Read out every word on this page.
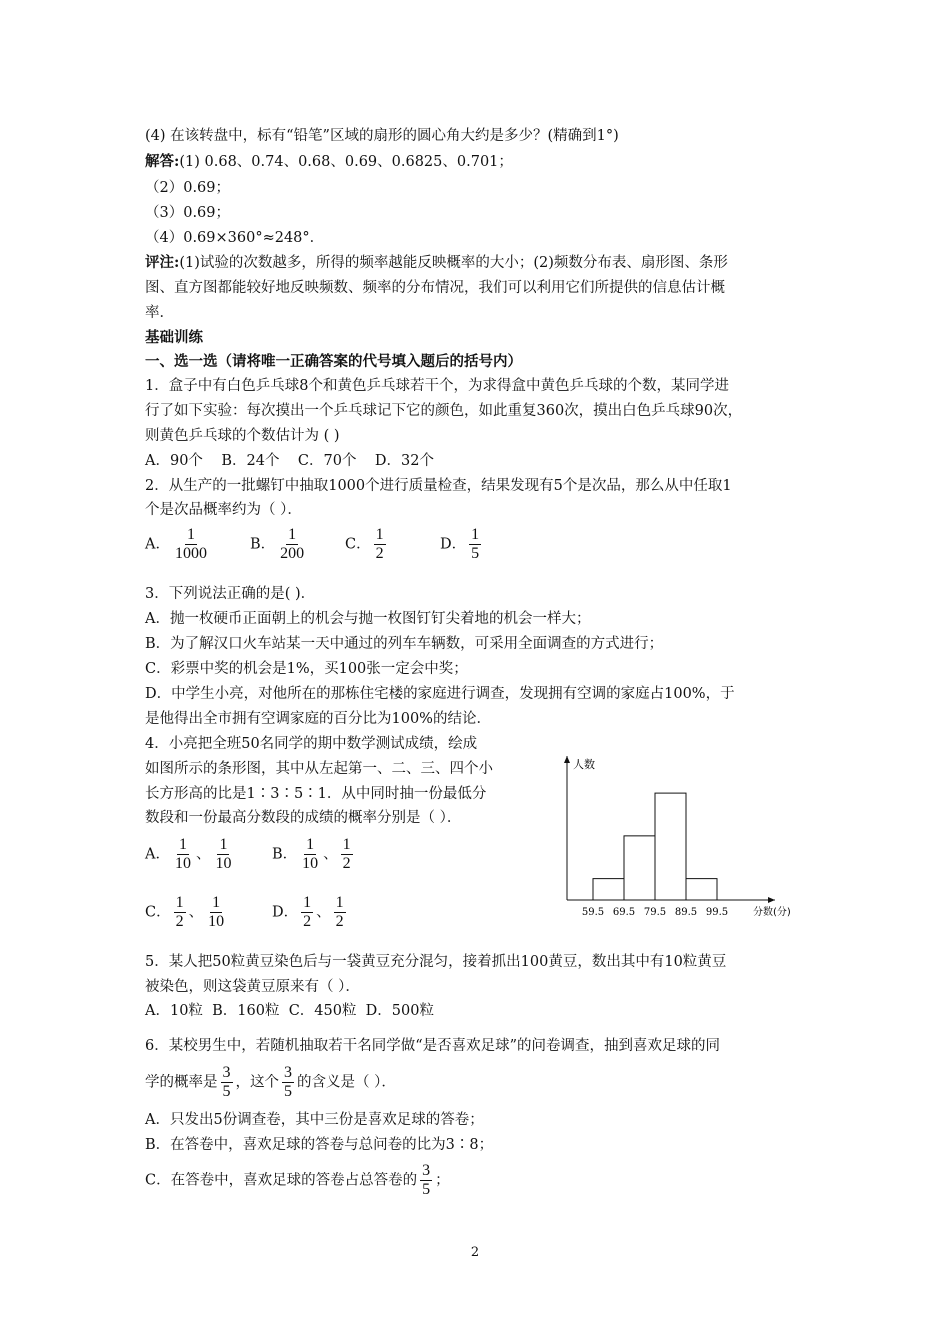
(4) 在该转盘中，标有“铅笔”区域的扇形的圆心角大约是多少？(精确到1°)
解答:(1) 0.68、0.74、0.68、0.69、0.6825、0.701；
（2）0.69；
（3）0.69；
（4）0.69×360°≈248°．
评注:(1)试验的次数越多，所得的频率越能反映概率的大小；(2)频数分布表、扇形图、条形
图、直方图都能较好地反映频数、频率的分布情况，我们可以利用它们所提供的信息估计概
率．
基础训练
一、选一选（请将唯一正确答案的代号填入题后的括号内）
1．盒子中有白色乒乓球8个和黄色乒乓球若干个，为求得盒中黄色乒乓球的个数，某同学进
行了如下实验：每次摸出一个乒乓球记下它的颜色，如此重复360次，摸出白色乒乓球90次，
则黄色乒乓球的个数估计为 ( )
A．90个    B．24个    C．70个    D．32个
2．从生产的一批螺钉中抽取1000个进行质量检查，结果发现有5个是次品，那么从中任取1
个是次品概率约为（ ）．
A． $\frac{1}{1000}$	B． $\frac{1}{200}$	C． $\frac{1}{2}$	D． $\frac{1}{5}$
3．下列说法正确的是( )．
A．抛一枚硬币正面朝上的机会与抛一枚图钉钉尖着地的机会一样大；
B．为了解汉口火车站某一天中通过的列车车辆数，可采用全面调查的方式进行；
C．彩票中奖的机会是1%，买100张一定会中奖；
D．中学生小亮，对他所在的那栋住宅楼的家庭进行调查，发现拥有空调的家庭占100%，于
是他得出全市拥有空调家庭的百分比为100%的结论．
4．小亮把全班50名同学的期中数学测试成绩，绘成
如图所示的条形图，其中从左起第一、二、三、四个小
长方形高的比是1∶3∶5∶1．从中同时抽一份最低分
数段和一份最高分数段的成绩的概率分别是（ ）．
A． $\frac{1}{10}$ 、 $\frac{1}{10}$	B． $\frac{1}{10}$ 、 $\frac{1}{2}$
C． $\frac{1}{2}$ 、 $\frac{1}{10}$	D． $\frac{1}{2}$ 、 $\frac{1}{2}$
人数
分数(分)
59.5 69.5 79.5 89.5 99.5
5．某人把50粒黄豆染色后与一袋黄豆充分混匀，接着抓出100黄豆，数出其中有10粒黄豆
被染色，则这袋黄豆原来有（ ）．
A．10粒  B．160粒  C．450粒  D．500粒
6．某校男生中，若随机抽取若干名同学做“是否喜欢足球”的问卷调查，抽到喜欢足球的同
学的概率是 $\frac{3}{5}$ ，这个 $\frac{3}{5}$ 的含义是（ ）．
A．只发出5份调查卷，其中三份是喜欢足球的答卷；
B．在答卷中，喜欢足球的答卷与总问卷的比为3∶8；
C．在答卷中，喜欢足球的答卷占总答卷的 $\frac{3}{5}$ ；
2
